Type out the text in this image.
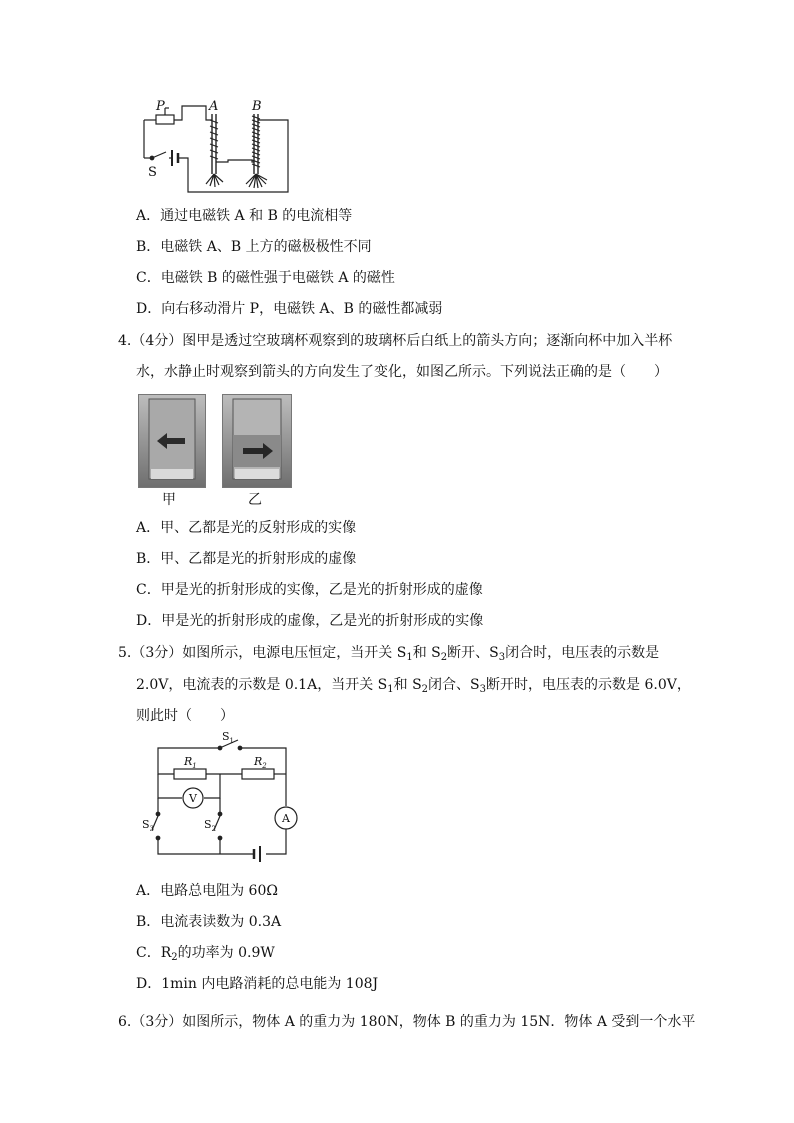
P	A	B
S
A．通过电磁铁 A 和 B 的电流相等
B．电磁铁 A、B 上方的磁极极性不同
C．电磁铁 B 的磁性强于电磁铁 A 的磁性
D．向右移动滑片 P，电磁铁 A、B 的磁性都减弱
4.（4分）图甲是透过空玻璃杯观察到的玻璃杯后白纸上的箭头方向；逐渐向杯中加入半杯
水，水静止时观察到箭头的方向发生了变化，如图乙所示。下列说法正确的是（　　）
甲	乙
A．甲、乙都是光的反射形成的实像
B．甲、乙都是光的折射形成的虚像
C．甲是光的折射形成的实像，乙是光的折射形成的虚像
D．甲是光的折射形成的虚像，乙是光的折射形成的实像
5.（3分）如图所示，电源电压恒定，当开关 $S_1$和 $S_2$断开、$S_3$闭合时，电压表的示数是
2.0V，电流表的示数是 0.1A，当开关 $S_1$和 $S_2$闭合、$S_3$断开时，电压表的示数是 6.0V，
则此时（　　）
$S_1$
$R_1$	$R_2$
V
A
$S_3$	$S_2$
A．电路总电阻为 60Ω
B．电流表读数为 0.3A
C．$R_2$的功率为 0.9W
D．1min 内电路消耗的总电能为 108J
6.（3分）如图所示，物体 A 的重力为 180N，物体 B 的重力为 15N．物体 A 受到一个水平
